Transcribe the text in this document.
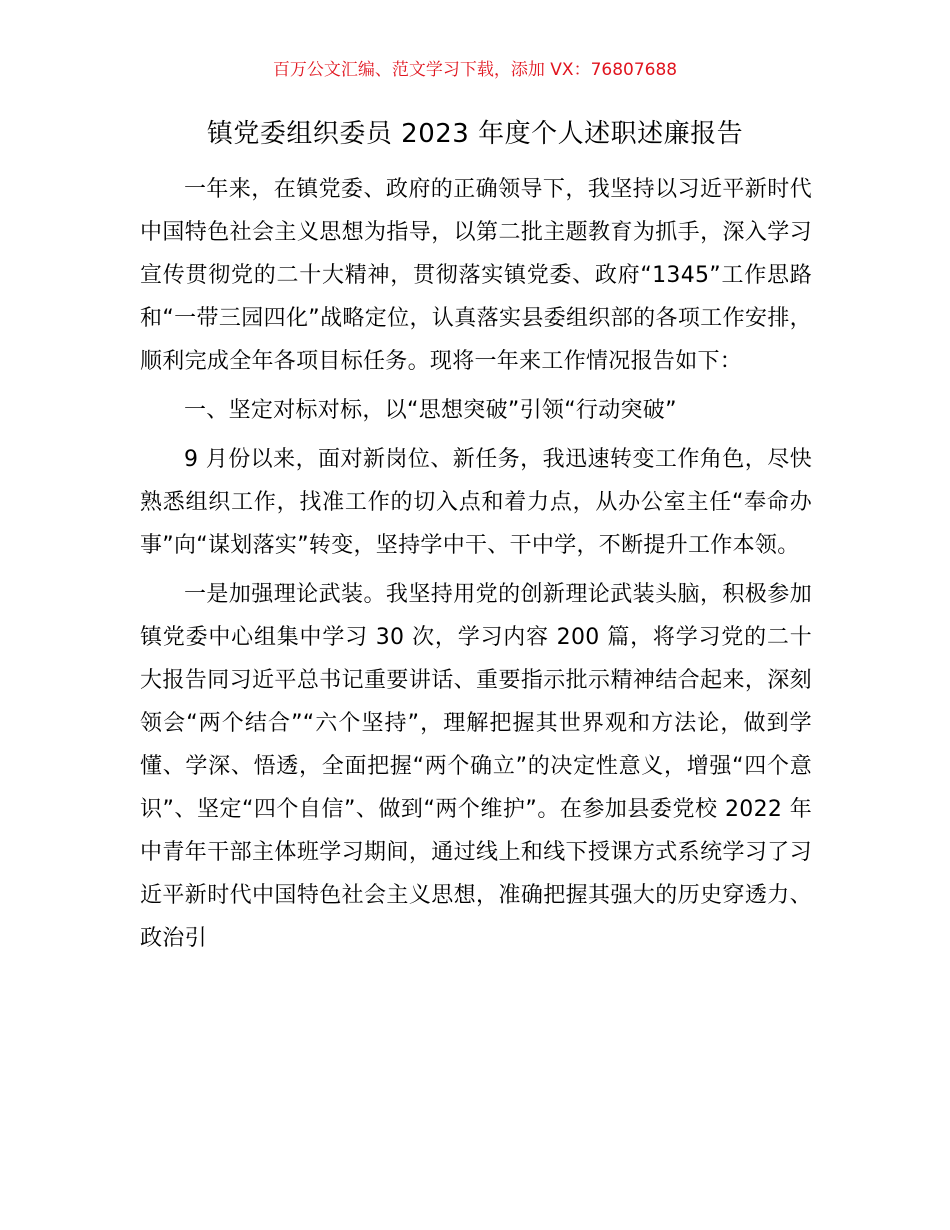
百万公文汇编、范文学习下载，添加 VX：76807688
镇党委组织委员 2023 年度个人述职述廉报告

一年来，在镇党委、政府的正确领导下，我坚持以习近平新时代中国特色社会主义思想为指导，以第二批主题教育为抓手，深入学习宣传贯彻党的二十大精神，贯彻落实镇党委、政府“1345”工作思路和“一带三园四化”战略定位，认真落实县委组织部的各项工作安排，顺利完成全年各项目标任务。现将一年来工作情况报告如下：

一、坚定对标对标，以“思想突破”引领“行动突破”

9 月份以来，面对新岗位、新任务，我迅速转变工作角色，尽快熟悉组织工作，找准工作的切入点和着力点，从办公室主任“奉命办事”向“谋划落实”转变，坚持学中干、干中学，不断提升工作本领。

一是加强理论武装。我坚持用党的创新理论武装头脑，积极参加镇党委中心组集中学习 30 次，学习内容 200 篇，将学习党的二十大报告同习近平总书记重要讲话、重要指示批示精神结合起来，深刻领会“两个结合”“六个坚持”，理解把握其世界观和方法论，做到学懂、学深、悟透，全面把握“两个确立”的决定性意义，增强“四个意识”、坚定“四个自信”、做到“两个维护”。在参加县委党校 2022 年中青年干部主体班学习期间，通过线上和线下授课方式系统学习了习近平新时代中国特色社会主义思想，准确把握其强大的历史穿透力、政治引
